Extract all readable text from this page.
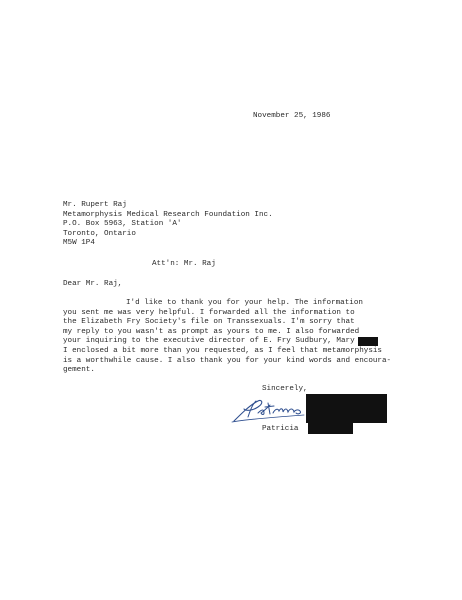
November 25, 1986
Mr. Rupert Raj
Metamorphysis Medical Research Foundation Inc.
P.O. Box 5963, Station 'A'
Toronto, Ontario
M5W 1P4
Att'n: Mr. Raj
Dear Mr. Raj,
I'd like to thank you for your help. The information
you sent me was very helpful. I forwarded all the information to
the Elizabeth Fry Society's file on Transsexuals. I'm sorry that
my reply to you wasn't as prompt as yours to me. I also forwarded
your inquiring to the executive director of E. Fry Sudbury, Mary
I enclosed a bit more than you requested, as I feel that metamorphysis
is a worthwhile cause. I also thank you for your kind words and encoura-
gement.
Sincerely,
Patricia
